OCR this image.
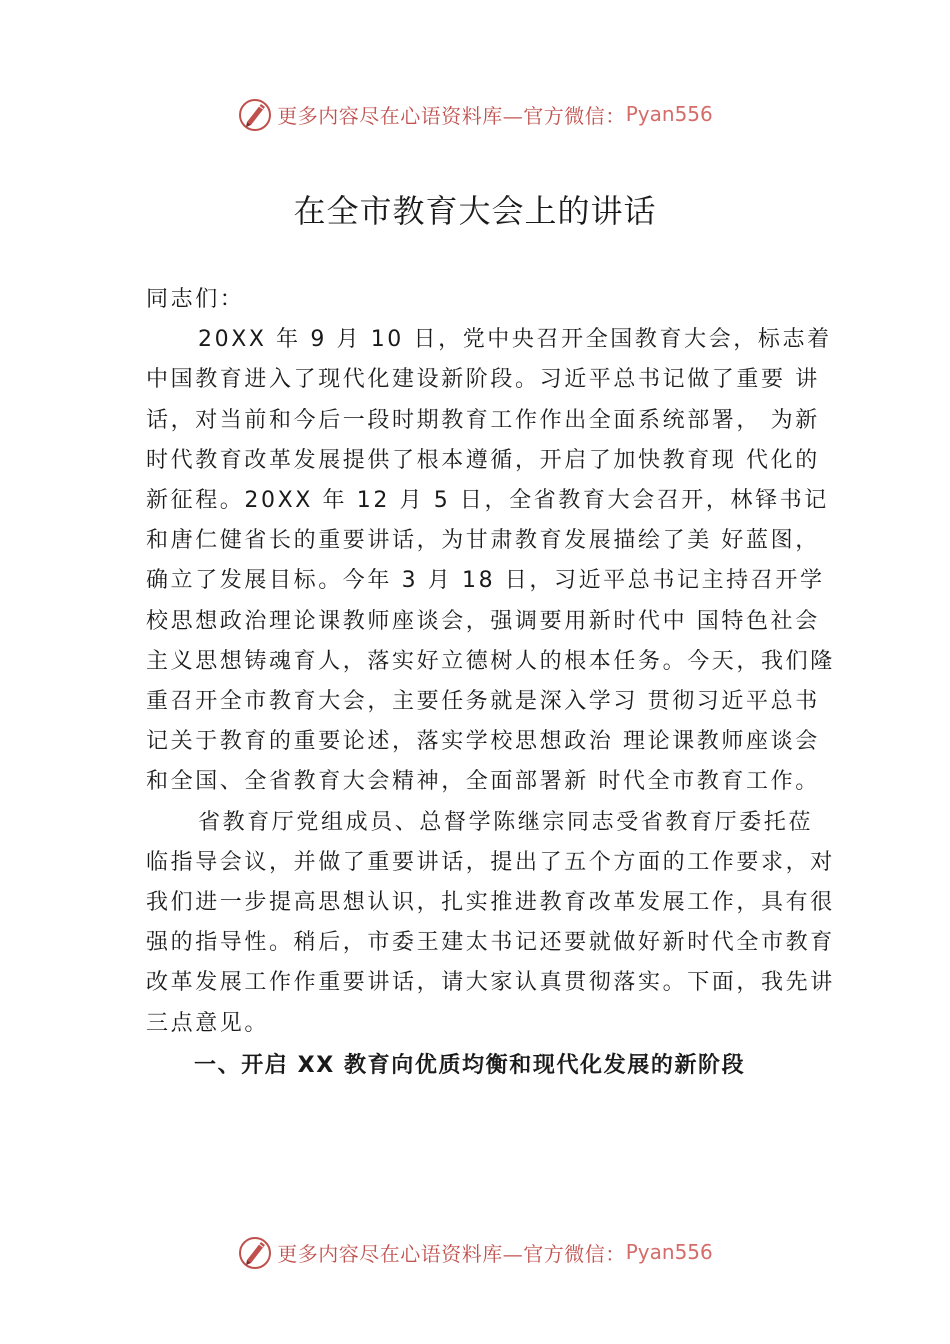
更多内容尽在心语资料库—官方微信： Pyan556
在全市教育大会上的讲话

同志们：

20XX 年 9 月 10 日，党中央召开全国教育大会，标志着中国教育进入了现代化建设新阶段。习近平总书记做了重要 讲话，对当前和今后一段时期教育工作作出全面系统部署， 为新时代教育改革发展提供了根本遵循，开启了加快教育现 代化的新征程。20XX 年 12 月 5 日，全省教育大会召开，林铎书记和唐仁健省长的重要讲话，为甘肃教育发展描绘了美 好蓝图，确立了发展目标。今年 3 月 18 日，习近平总书记主持召开学校思想政治理论课教师座谈会，强调要用新时代中 国特色社会主义思想铸魂育人，落实好立德树人的根本任务。今天，我们隆重召开全市教育大会，主要任务就是深入学习 贯彻习近平总书记关于教育的重要论述，落实学校思想政治 理论课教师座谈会和全国、全省教育大会精神，全面部署新 时代全市教育工作。

省教育厅党组成员、总督学陈继宗同志受省教育厅委托莅临指导会议，并做了重要讲话，提出了五个方面的工作要求，对我们进一步提高思想认识，扎实推进教育改革发展工作，具有很强的指导性。稍后，市委王建太书记还要就做好新时代全市教育改革发展工作作重要讲话，请大家认真贯彻落实。下面，我先讲三点意见。

一、开启 XX 教育向优质均衡和现代化发展的新阶段

更多内容尽在心语资料库—官方微信： Pyan556
